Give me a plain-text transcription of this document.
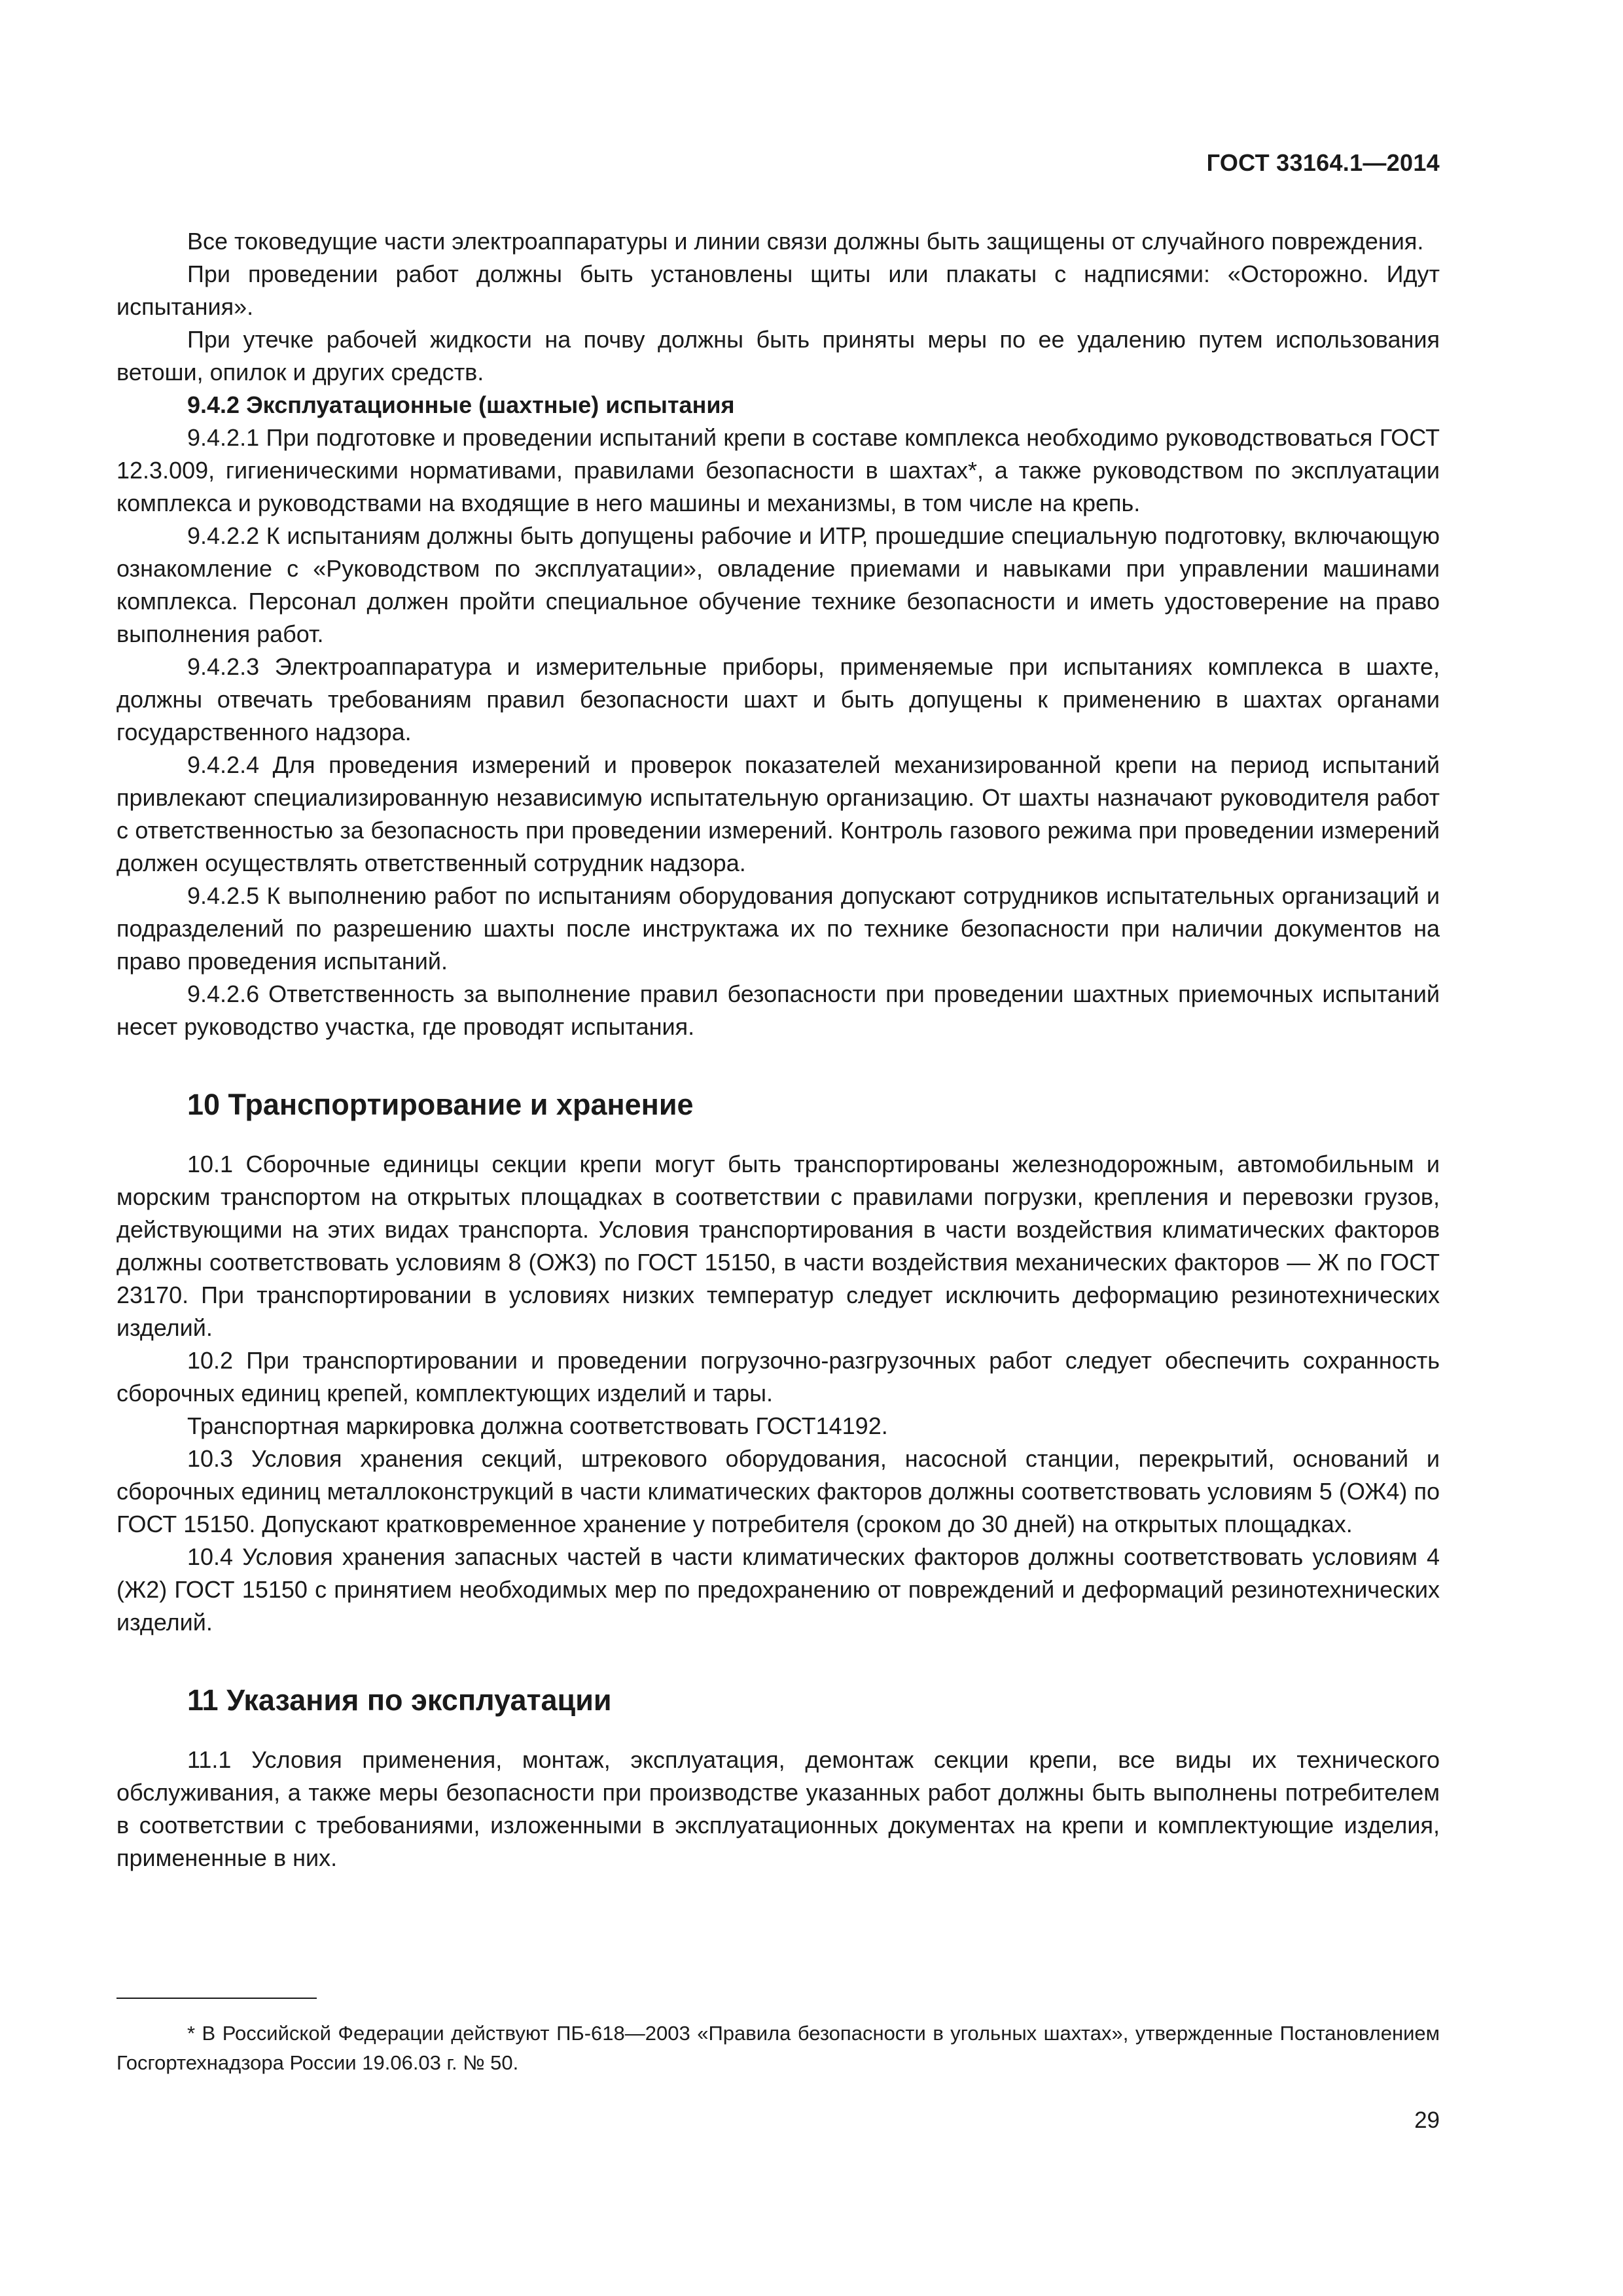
ГОСТ 33164.1—2014

Все токоведущие части электроаппаратуры и линии связи должны быть защищены от случайного повреждения.

При проведении работ должны быть установлены щиты или плакаты с надписями: «Осторожно. Идут испытания».

При утечке рабочей жидкости на почву должны быть приняты меры по ее удалению путем использования ветоши, опилок и других средств.

9.4.2 Эксплуатационные (шахтные) испытания

9.4.2.1 При подготовке и проведении испытаний крепи в составе комплекса необходимо руководствоваться ГОСТ 12.3.009, гигиеническими нормативами, правилами безопасности в шахтах*, а также руководством по эксплуатации комплекса и руководствами на входящие в него машины и механизмы, в том числе на крепь.

9.4.2.2 К испытаниям должны быть допущены рабочие и ИТР, прошедшие специальную подготовку, включающую ознакомление с «Руководством по эксплуатации», овладение приемами и навыками при управлении машинами комплекса. Персонал должен пройти специальное обучение технике безопасности и иметь удостоверение на право выполнения работ.

9.4.2.3 Электроаппаратура и измерительные приборы, применяемые при испытаниях комплекса в шахте, должны отвечать требованиям правил безопасности шахт и быть допущены к применению в шахтах органами государственного надзора.

9.4.2.4 Для проведения измерений и проверок показателей механизированной крепи на период испытаний привлекают специализированную независимую испытательную организацию. От шахты назначают руководителя работ с ответственностью за безопасность при проведении измерений. Контроль газового режима при проведении измерений должен осуществлять ответственный сотрудник надзора.

9.4.2.5 К выполнению работ по испытаниям оборудования допускают сотрудников испытательных организаций и подразделений по разрешению шахты после инструктажа их по технике безопасности при наличии документов на право проведения испытаний.

9.4.2.6 Ответственность за выполнение правил безопасности при проведении шахтных приемочных испытаний несет руководство участка, где проводят испытания.

10 Транспортирование и хранение

10.1 Сборочные единицы секции крепи могут быть транспортированы железнодорожным, автомобильным и морским транспортом на открытых площадках в соответствии с правилами погрузки, крепления и перевозки грузов, действующими на этих видах транспорта. Условия транспортирования в части воздействия климатических факторов должны соответствовать условиям 8 (ОЖ3) по ГОСТ 15150, в части воздействия механических факторов — Ж по ГОСТ 23170. При транспортировании в условиях низких температур следует исключить деформацию резинотехнических изделий.

10.2 При транспортировании и проведении погрузочно-разгрузочных работ следует обеспечить сохранность сборочных единиц крепей, комплектующих изделий и тары.

Транспортная маркировка должна соответствовать ГОСТ14192.

10.3 Условия хранения секций, штрекового оборудования, насосной станции, перекрытий, оснований и сборочных единиц металлоконструкций в части климатических факторов должны соответствовать условиям 5 (ОЖ4) по ГОСТ 15150. Допускают кратковременное хранение у потребителя (сроком до 30 дней) на открытых площадках.

10.4 Условия хранения запасных частей в части климатических факторов должны соответствовать условиям 4 (Ж2) ГОСТ 15150 с принятием необходимых мер по предохранению от повреждений и деформаций резинотехнических изделий.

11 Указания по эксплуатации

11.1 Условия применения, монтаж, эксплуатация, демонтаж секции крепи, все виды их технического обслуживания, а также меры безопасности при производстве указанных работ должны быть выполнены потребителем в соответствии с требованиями, изложенными в эксплуатационных документах на крепи и комплектующие изделия, примененные в них.

* В Российской Федерации действуют ПБ-618—2003 «Правила безопасности в угольных шахтах», утвержденные Постановлением Госгортехнадзора России 19.06.03 г. № 50.

29
